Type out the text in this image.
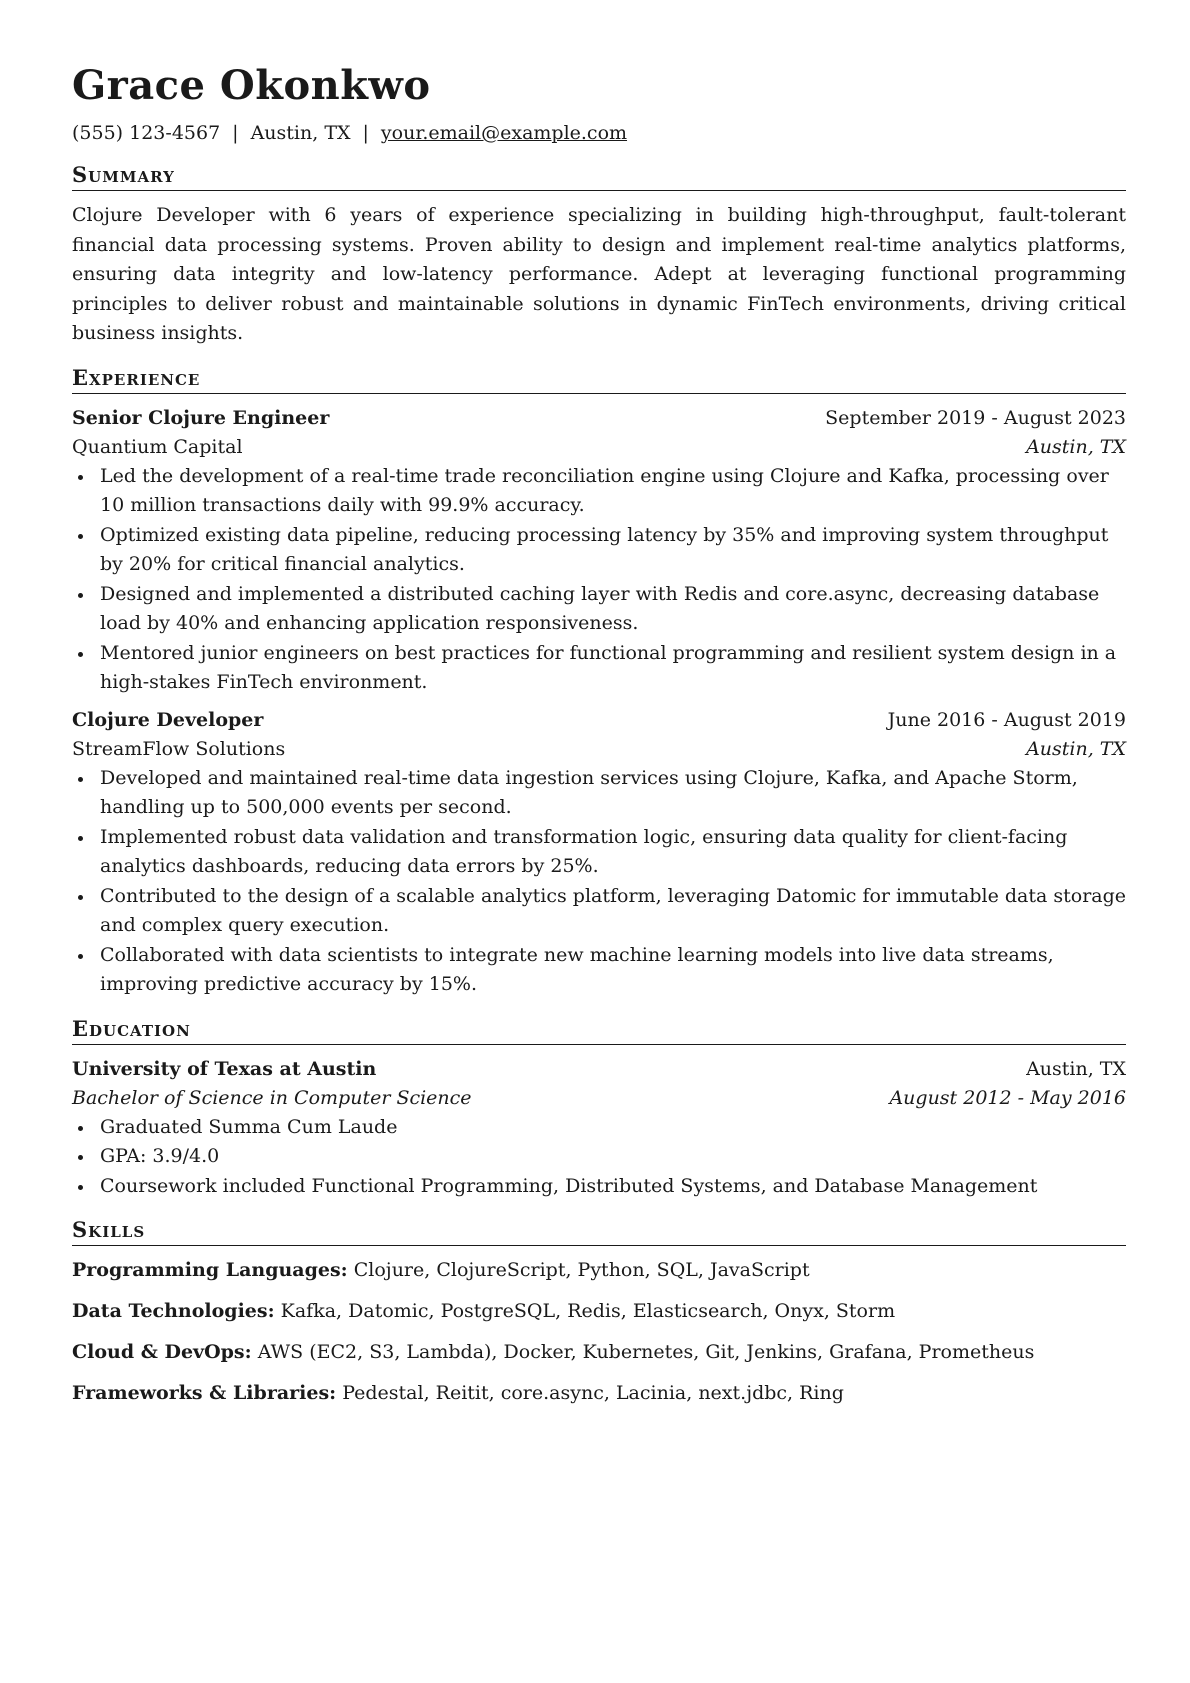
Grace Okonkwo
(555) 123-4567 | Austin, TX | your.email@example.com
Summary
Clojure Developer with 6 years of experience specializing in building high-throughput, fault-tolerant financial data processing systems. Proven ability to design and implement real-time analytics platforms, ensuring data integrity and low-latency performance. Adept at leveraging functional programming principles to deliver robust and maintainable solutions in dynamic FinTech environments, driving critical business insights.
Experience
Senior Clojure Engineer	September 2019 - August 2023
Quantium Capital	Austin, TX
Led the development of a real-time trade reconciliation engine using Clojure and Kafka, processing over 10 million transactions daily with 99.9% accuracy.
Optimized existing data pipeline, reducing processing latency by 35% and improving system throughput by 20% for critical financial analytics.
Designed and implemented a distributed caching layer with Redis and core.async, decreasing database load by 40% and enhancing application responsiveness.
Mentored junior engineers on best practices for functional programming and resilient system design in a high-stakes FinTech environment.
Clojure Developer	June 2016 - August 2019
StreamFlow Solutions	Austin, TX
Developed and maintained real-time data ingestion services using Clojure, Kafka, and Apache Storm, handling up to 500,000 events per second.
Implemented robust data validation and transformation logic, ensuring data quality for client-facing analytics dashboards, reducing data errors by 25%.
Contributed to the design of a scalable analytics platform, leveraging Datomic for immutable data storage and complex query execution.
Collaborated with data scientists to integrate new machine learning models into live data streams, improving predictive accuracy by 15%.
Education
University of Texas at Austin	Austin, TX
Bachelor of Science in Computer Science	August 2012 - May 2016
Graduated Summa Cum Laude
GPA: 3.9/4.0
Coursework included Functional Programming, Distributed Systems, and Database Management
Skills
Programming Languages: Clojure, ClojureScript, Python, SQL, JavaScript
Data Technologies: Kafka, Datomic, PostgreSQL, Redis, Elasticsearch, Onyx, Storm
Cloud & DevOps: AWS (EC2, S3, Lambda), Docker, Kubernetes, Git, Jenkins, Grafana, Prometheus
Frameworks & Libraries: Pedestal, Reitit, core.async, Lacinia, next.jdbc, Ring
